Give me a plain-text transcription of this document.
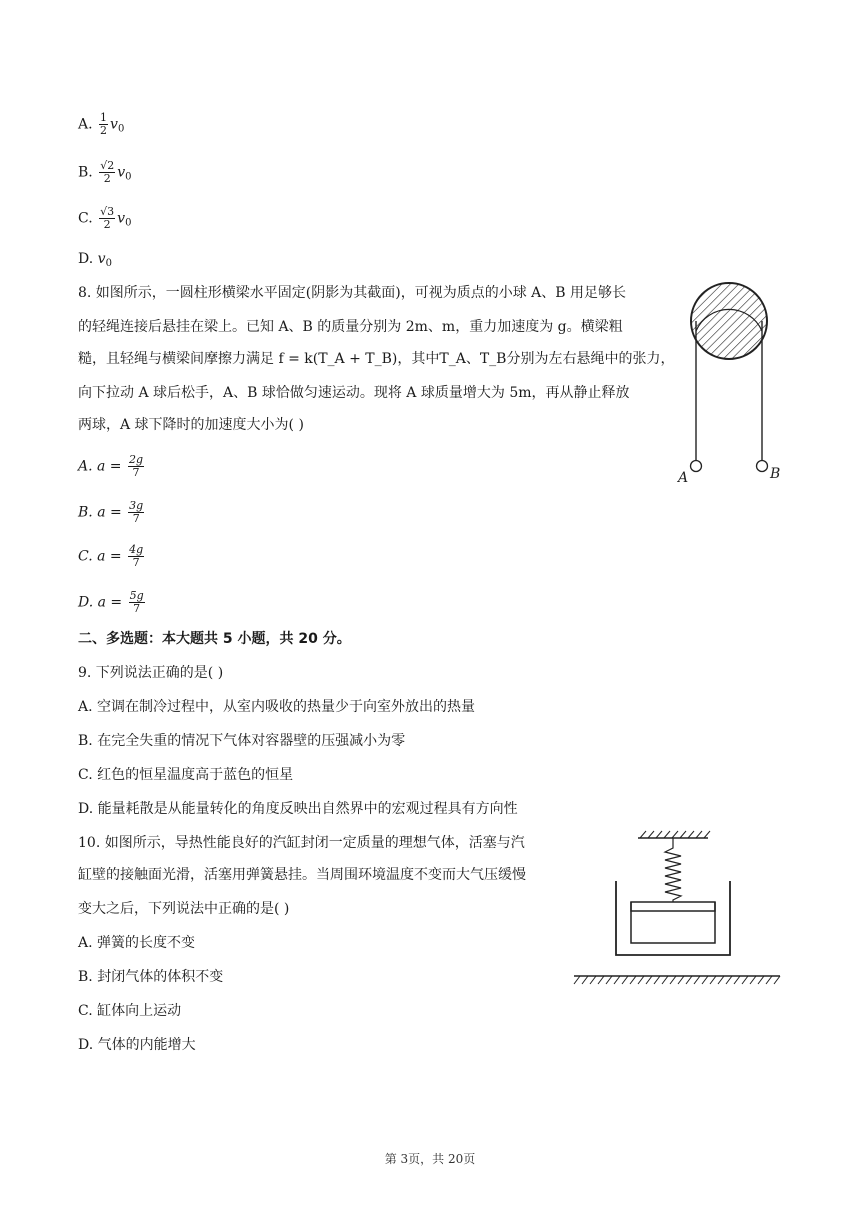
A. $\frac{1}{2} v_0$
B. $\frac{√2}{2} v_0$
C. $\frac{√3}{2} v_0$
D. $v_0$
8. 如图所示，一圆柱形横梁水平固定(阴影为其截面)，可视为质点的小球 A、B 用足够长
的轻绳连接后悬挂在梁上。已知 A、B 的质量分别为 2m、m，重力加速度为 g。横梁粗
糙，且轻绳与横梁间摩擦力满足 f = k(T_A + T_B)，其中T_A、T_B分别为左右悬绳中的张力，
向下拉动 A 球后松手，A、B 球恰做匀速运动。现将 A 球质量增大为 5m，再从静止释放
两球，A 球下降时的加速度大小为( )
A. $a = \frac{2g}{7}$
B. $a = \frac{3g}{7}$
C. $a = \frac{4g}{7}$
D. $a = \frac{5g}{7}$
A	B
二、多选题：本大题共 5 小题，共 20 分。
9. 下列说法正确的是( )
A. 空调在制冷过程中，从室内吸收的热量少于向室外放出的热量
B. 在完全失重的情况下气体对容器壁的压强减小为零
C. 红色的恒星温度高于蓝色的恒星
D. 能量耗散是从能量转化的角度反映出自然界中的宏观过程具有方向性
10. 如图所示，导热性能良好的汽缸封闭一定质量的理想气体，活塞与汽
缸壁的接触面光滑，活塞用弹簧悬挂。当周围环境温度不变而大气压缓慢
变大之后，下列说法中正确的是( )
A. 弹簧的长度不变
B. 封闭气体的体积不变
C. 缸体向上运动
D. 气体的内能增大
第 3页，共 20页
